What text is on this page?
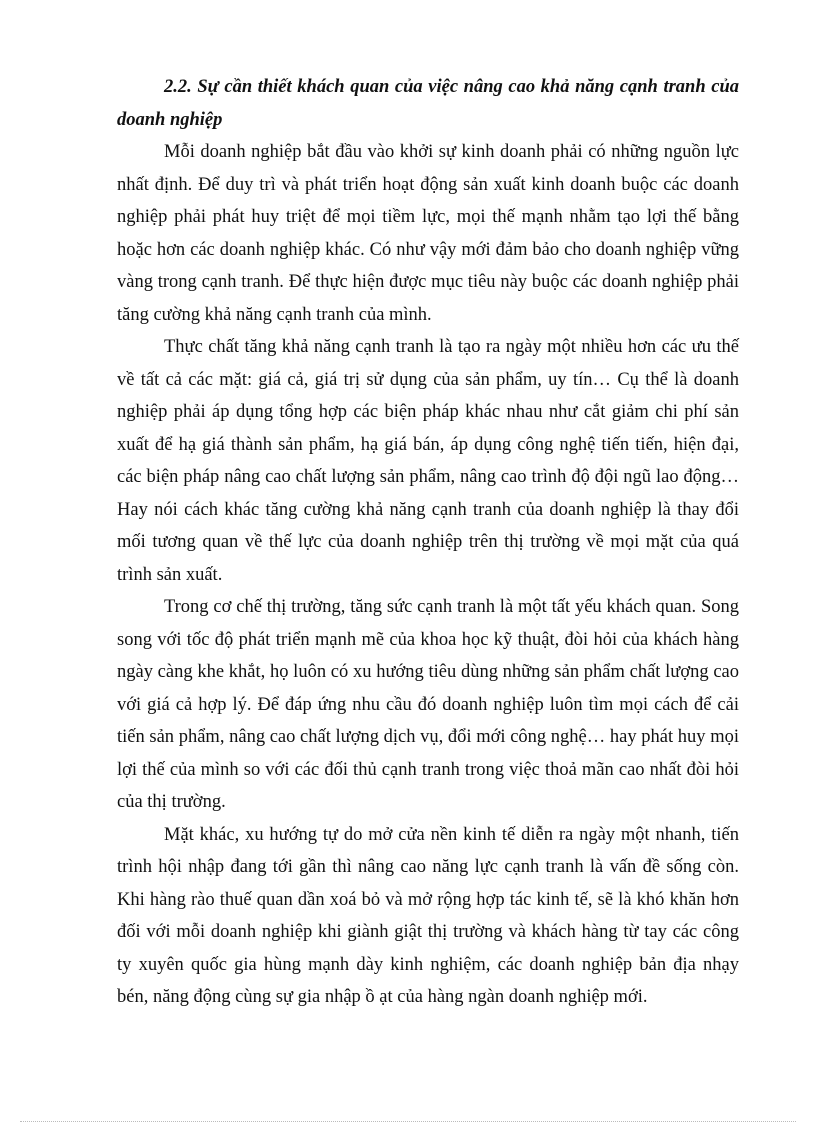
2.2. Sự cần thiết khách quan của việc nâng cao khả năng cạnh tranh của doanh nghiệp

Mỗi doanh nghiệp bắt đầu vào khởi sự kinh doanh phải có những nguồn lực nhất định. Để duy trì và phát triển hoạt động sản xuất kinh doanh buộc các doanh nghiệp phải phát huy triệt để mọi tiềm lực, mọi thế mạnh nhằm tạo lợi thế bằng hoặc hơn các doanh nghiệp khác. Có như vậy mới đảm bảo cho doanh nghiệp vững vàng trong cạnh tranh. Để thực hiện được mục tiêu này buộc các doanh nghiệp phải tăng cường khả năng cạnh tranh của mình.

Thực chất tăng khả năng cạnh tranh là tạo ra ngày một nhiều hơn các ưu thế về tất cả các mặt: giá cả, giá trị sử dụng của sản phẩm, uy tín… Cụ thể là doanh nghiệp phải áp dụng tổng hợp các biện pháp khác nhau như cắt giảm chi phí sản xuất để hạ giá thành sản phẩm, hạ giá bán, áp dụng công nghệ tiến tiến, hiện đại, các biện pháp nâng cao chất lượng sản phẩm, nâng cao trình độ đội ngũ lao động… Hay nói cách khác tăng cường khả năng cạnh tranh của doanh nghiệp là thay đổi mối tương quan về thế lực của doanh nghiệp trên thị trường về mọi mặt của quá trình sản xuất.

Trong cơ chế thị trường, tăng sức cạnh tranh là một tất yếu khách quan. Song song với tốc độ phát triển mạnh mẽ của khoa học kỹ thuật, đòi hỏi của khách hàng ngày càng khe khắt, họ luôn có xu hướng tiêu dùng những sản phẩm chất lượng cao với giá cả hợp lý. Để đáp ứng nhu cầu đó doanh nghiệp luôn tìm mọi cách để cải tiến sản phẩm, nâng cao chất lượng dịch vụ, đổi mới công nghệ… hay phát huy mọi lợi thế của mình so với các đối thủ cạnh tranh trong việc thoả mãn cao nhất đòi hỏi của thị trường.

Mặt khác, xu hướng tự do mở cửa nền kinh tế diễn ra ngày một nhanh, tiến trình hội nhập đang tới gần thì nâng cao năng lực cạnh tranh là vấn đề sống còn. Khi hàng rào thuế quan dần xoá bỏ và mở rộng hợp tác kinh tế, sẽ là khó khăn hơn đối với mỗi doanh nghiệp khi giành giật thị trường và khách hàng từ tay các công ty xuyên quốc gia hùng mạnh dày kinh nghiệm, các doanh nghiệp bản địa nhạy bén, năng động cùng sự gia nhập ồ ạt của hàng ngàn doanh nghiệp mới.
